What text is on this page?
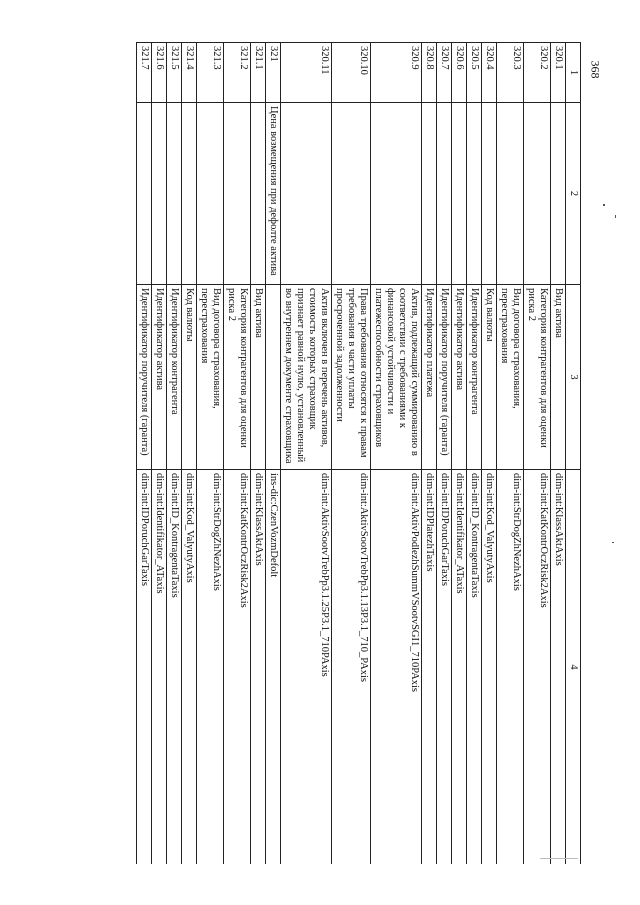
368
1	2	3	4
320.1		Вид актива	dim-int:KlassAktAxis
320.2		Категория контрагентов для оценки риска 2	dim-int:KatKontrOczRisk2Axis
320.3		Вид договора страхования, перестрахования	dim-int:StrDogZhNezhAxis
320.4		Код валюты	dim-int:Kod_ValyutyAxis
320.5		Идентификатор контрагента	dim-int:ID_KontragentaTaxis
320.6		Идентификатор актива	dim-int:Identifikator_ATaxis
320.7		Идентификатор поручителя (гаранта)	dim-int:IDPoruchGarTaxis
320.8		Идентификатор платежа	dim-int:IDPlatezhTaxis
320.9		Актив, подлежащий суммированию в соответствии с требованиями к финансовой устойчивости и платежеспособности страховщиков	dim-int:AktivPodlezhSummVSootvSGI1_710PAxis
320.10		Права требования относятся к правам требования в части уплаты просроченной задолженности	dim-int:AktivSootvTrebPp3.1.13P3.1_710_PAxis
320.11		Актив включен в перечень активов, стоимость которых страховщик признает равной нулю, установленный во внутреннем документе страховщика	dim-int:AktivSootvTrebPp3.1.25P3.1_710PAxis
321	Цена возмещения при дефолте актива		ins-dic:CzenVozmDefolt
321.1		Вид актива	dim-int:KlassAktAxis
321.2		Категория контрагентов для оценки риска 2	dim-int:KatKontrOczRisk2Axis
321.3		Вид договора страхования, перестрахования	dim-int:StrDogZhNezhAxis
321.4		Код валюты	dim-int:Kod_ValyutyAxis
321.5		Идентификатор контрагента	dim-int:ID_KontragentaTaxis
321.6		Идентификатор актива	dim-int:Identifikator_ATaxis
321.7		Идентификатор поручителя (гаранта)	dim-int:IDPoruchGarTaxis
